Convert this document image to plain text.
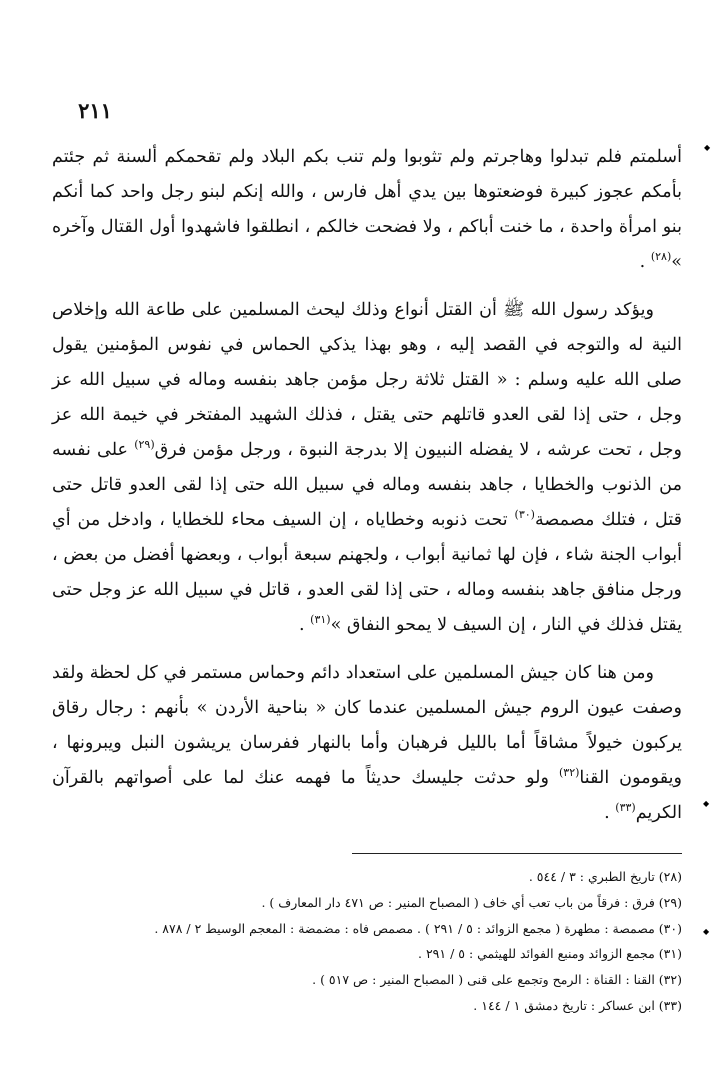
٢١١

أسلمتم فلم تبدلوا وهاجرتم ولم تثوبوا ولم تنب بكم البلاد ولم تقحمكم ألسنة ثم جئتم بأمكم عجوز كبيرة فوضعتوها بين يدي أهل فارس ، والله إنكم لبنو رجل واحد كما أنكم بنو امرأة واحدة ، ما خنت أباكم ، ولا فضحت خالكم ، انطلقوا فاشهدوا أول القتال وآخره »$^{(٢٨)}$ .

ويؤكد رسول الله ﷺ أن القتل أنواع وذلك ليحث المسلمين على طاعة الله وإخلاص النية له والتوجه في القصد إليه ، وهو بهذا يذكي الحماس في نفوس المؤمنين يقول صلى الله عليه وسلم : « القتل ثلاثة رجل مؤمن جاهد بنفسه وماله في سبيل الله عز وجل ، حتى إذا لقى العدو قاتلهم حتى يقتل ، فذلك الشهيد المفتخر في خيمة الله عز وجل ، تحت عرشه ، لا يفضله النبيون إلا بدرجة النبوة ، ورجل مؤمن فرق$^{(٢٩)}$ على نفسه من الذنوب والخطايا ، جاهد بنفسه وماله في سبيل الله حتى إذا لقى العدو قاتل حتى قتل ، فتلك مصمصة$^{(٣٠)}$ تحت ذنوبه وخطاياه ، إن السيف محاء للخطايا ، وادخل من أي أبواب الجنة شاء ، فإن لها ثمانية أبواب ، ولجهنم سبعة أبواب ، وبعضها أفضل من بعض ، ورجل منافق جاهد بنفسه وماله ، حتى إذا لقى العدو ، قاتل في سبيل الله عز وجل حتى يقتل فذلك في النار ، إن السيف لا يمحو النفاق »$^{(٣١)}$ .

ومن هنا كان جيش المسلمين على استعداد دائم وحماس مستمر في كل لحظة ولقد وصفت عيون الروم جيش المسلمين عندما كان « بناحية الأردن » بأنهم : رجال رقاق يركبون خيولاً مشاقاً أما بالليل فرهبان وأما بالنهار ففرسان يريشون النبل ويبرونها ، ويقومون القنا$^{(٣٢)}$ ولو حدثت جليسك حديثاً ما فهمه عنك لما على أصواتهم بالقرآن الكريم$^{(٣٣)}$ .

(٢٨) تاريخ الطبري : ٣ / ٥٤٤ .
(٢٩) فرق : فرقاً من باب تعب أي خاف ( المصباح المنير : ص ٤٧١ دار المعارف ) .
(٣٠) مصمصة : مطهرة ( مجمع الزوائد : ٥ / ٢٩١ ) . مصمص فاه : مضمضة : المعجم الوسيط ٢ / ٨٧٨ .
(٣١) مجمع الزوائد ومنبع الفوائد للهيثمي : ٥ / ٢٩١ .
(٣٢) القنا : القناة : الرمح وتجمع على قنى ( المصباح المنير : ص ٥١٧ ) .
(٣٣) ابن عساكر : تاريخ دمشق ١ / ١٤٤ .
◆
◆
◆
